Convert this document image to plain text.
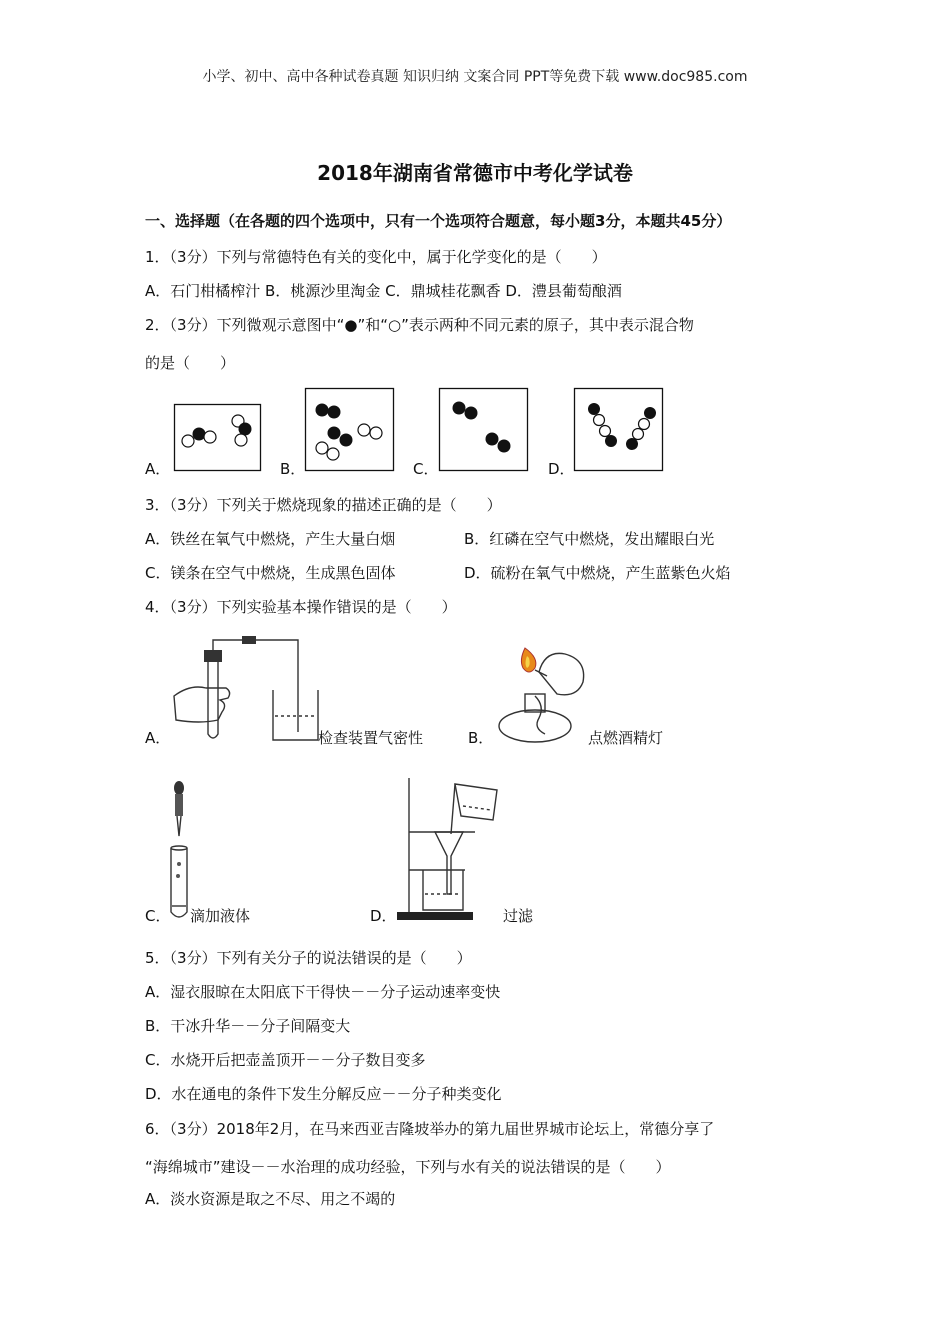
小学、初中、高中各种试卷真题 知识归纳 文案合同 PPT等免费下载 www.doc985.com
2018年湖南省常德市中考化学试卷
一、选择题（在各题的四个选项中，只有一个选项符合题意，每小题3分，本题共45分）
1．（3分）下列与常德特色有关的变化中，属于化学变化的是（　　）
A．石门柑橘榨汁 B．桃源沙里淘金 C．鼎城桂花飘香 D．澧县葡萄酿酒
2．（3分）下列微观示意图中“●”和“○”表示两种不同元素的原子，其中表示混合物
的是（　　）
A．	B．	C．	D．
3．（3分）下列关于燃烧现象的描述正确的是（　　）
A．铁丝在氧气中燃烧，产生大量白烟	B．红磷在空气中燃烧，发出耀眼白光
C．镁条在空气中燃烧，生成黑色固体	D．硫粉在氧气中燃烧，产生蓝紫色火焰
4．（3分）下列实验基本操作错误的是（　　）
A．	检查装置气密性	B．	点燃酒精灯
C． 滴加液体	D．	过滤
5．（3分）下列有关分子的说法错误的是（　　）
A．湿衣服晾在太阳底下干得快－－分子运动速率变快
B．干冰升华－－分子间隔变大
C．水烧开后把壶盖顶开－－分子数目变多
D．水在通电的条件下发生分解反应－－分子种类变化
6．（3分）2018年2月，在马来西亚吉隆坡举办的第九届世界城市论坛上，常德分享了
“海绵城市”建设－－水治理的成功经验，下列与水有关的说法错误的是（　　）
A．淡水资源是取之不尽、用之不竭的
